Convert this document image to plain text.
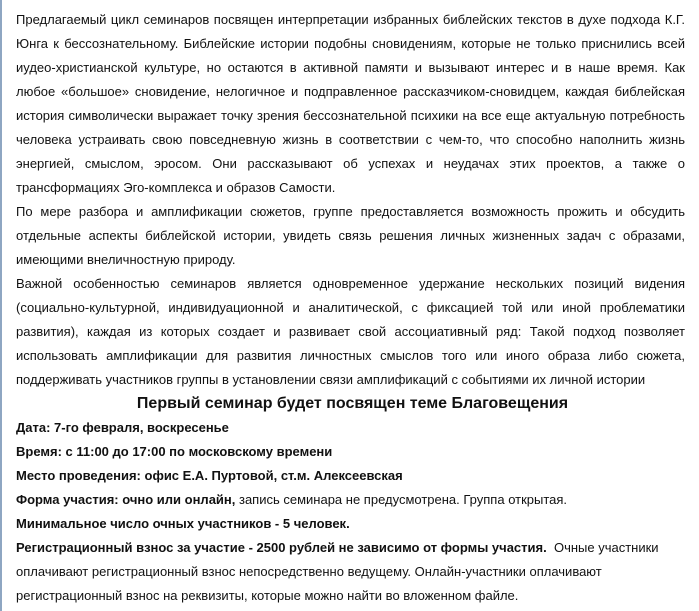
Предлагаемый цикл семинаров посвящен интерпретации избранных библейских текстов в духе подхода К.Г. Юнга к бессознательному. Библейские истории подобны сновидениям, которые не только приснились всей иудео-христианской культуре, но остаются в активной памяти и вызывают интерес и в наше время. Как любое «большое» сновидение, нелогичное и подправленное рассказчиком-сновидцем, каждая библейская история символически выражает точку зрения бессознательной психики на все еще актуальную потребность человека устраивать свою повседневную жизнь в соответствии с чем-то, что способно наполнить жизнь энергией, смыслом, эросом. Они рассказывают об успехах и неудачах этих проектов, а также о трансформациях Эго-комплекса и образов Самости.

По мере разбора и амплификации сюжетов, группе предоставляется возможность прожить и обсудить отдельные аспекты библейской истории, увидеть связь решения личных жизненных задач с образами, имеющими внеличностную природу.

Важной особенностью семинаров является одновременное удержание нескольких позиций видения (социально-культурной, индивидуационной и аналитической, с фиксацией той или иной проблематики развития), каждая из которых создает и развивает свой ассоциативный ряд: Такой подход позволяет использовать амплификации для развития личностных смыслов того или иного образа либо сюжета, поддерживать участников группы в установлении связи амплификаций с событиями их личной истории

Первый семинар будет посвящен теме Благовещения

Дата: 7-го февраля, воскресенье

Время: с 11:00 до 17:00 по московскому времени

Место проведения: офис Е.А. Пуртовой, ст.м. Алексеевская

Форма участия: очно или онлайн, запись семинара не предусмотрена. Группа открытая.

Минимальное число очных участников - 5 человек.

Регистрационный взнос за участие - 2500 рублей не зависимо от формы участия.  Очные участники оплачивают регистрационный взнос непосредственно ведущему. Онлайн-участники оплачивают регистрационный взнос на реквизиты, которые можно найти во вложенном файле.
